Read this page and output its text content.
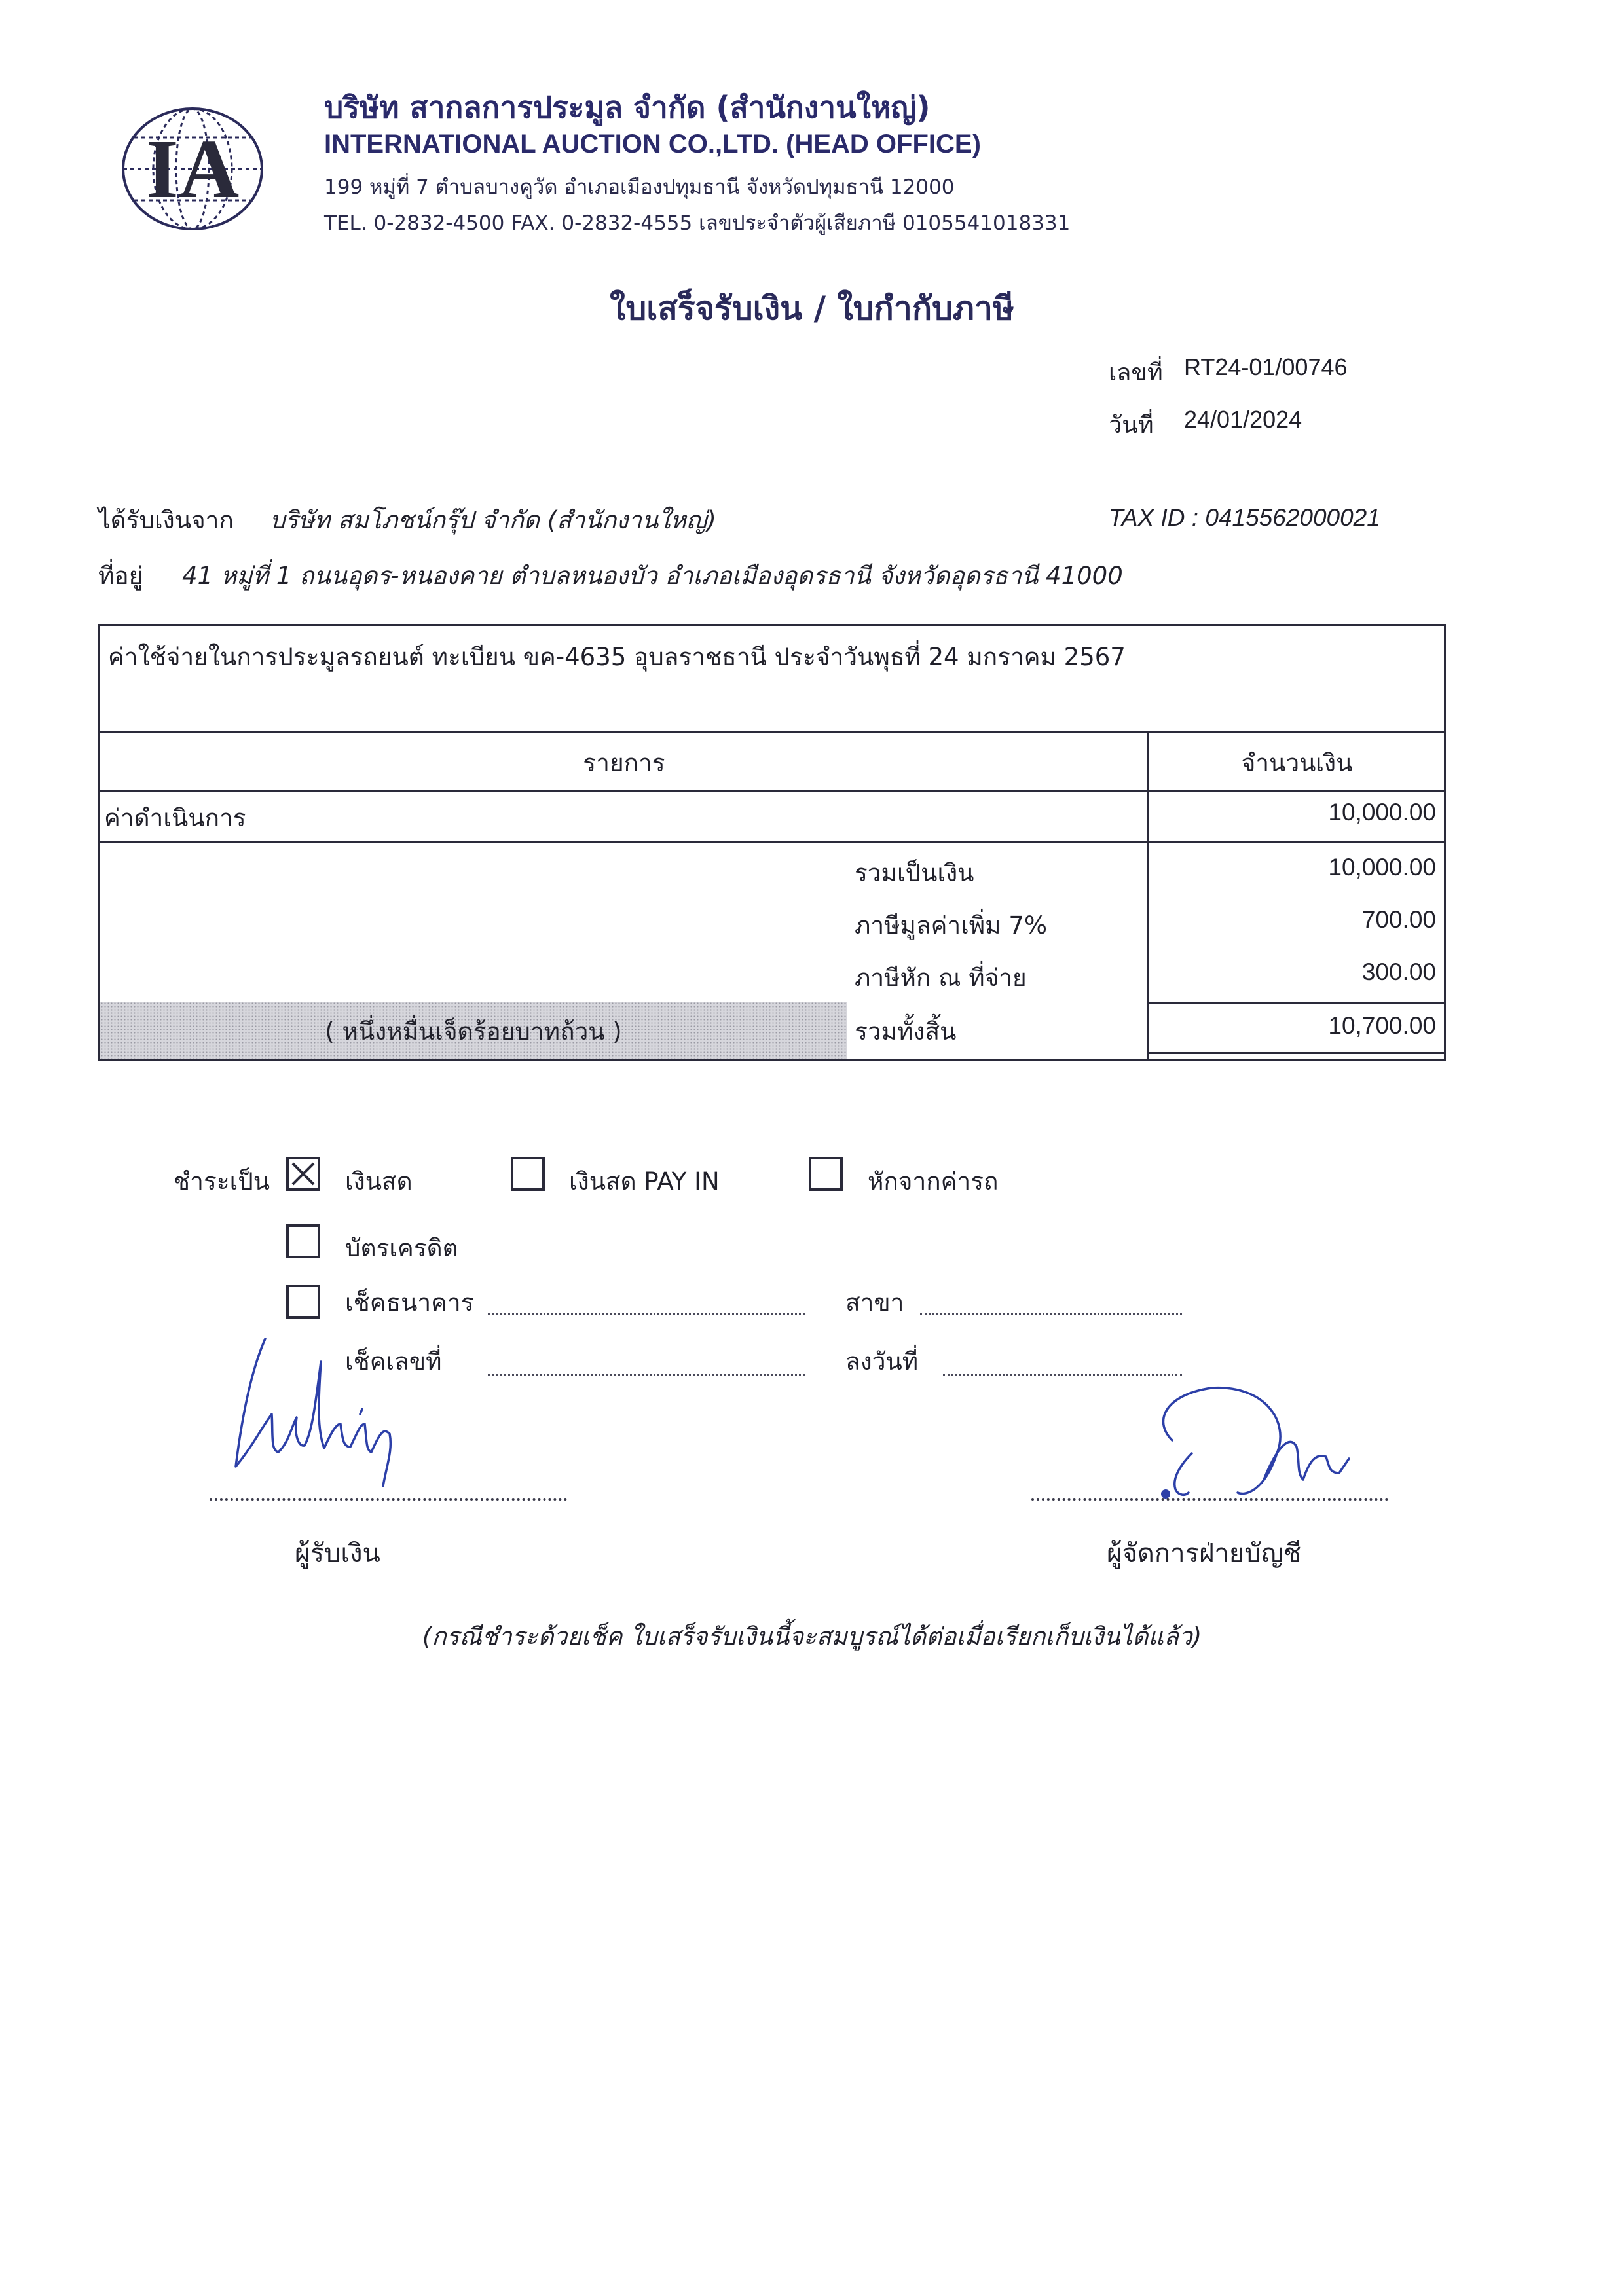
IA
บริษัท สากลการประมูล จำกัด (สำนักงานใหญ่)
INTERNATIONAL AUCTION CO.,LTD. (HEAD OFFICE)
199 หมู่ที่ 7 ตำบลบางคูวัด อำเภอเมืองปทุมธานี จังหวัดปทุมธานี 12000
TEL. 0-2832-4500 FAX. 0-2832-4555 เลขประจำตัวผู้เสียภาษี 0105541018331
ใบเสร็จรับเงิน / ใบกำกับภาษี
เลขที่ RT24-01/00746
วันที่ 24/01/2024
ได้รับเงินจาก บริษัท สมโภชน์กรุ๊ป จำกัด (สำนักงานใหญ่)	TAX ID : 0415562000021
ที่อยู่ 41 หมู่ที่ 1 ถนนอุดร-หนองคาย ตำบลหนองบัว อำเภอเมืองอุดรธานี จังหวัดอุดรธานี 41000
ค่าใช้จ่ายในการประมูลรถยนต์ ทะเบียน ขค-4635 อุบลราชธานี ประจำวันพุธที่ 24 มกราคม 2567
รายการ	จำนวนเงิน
ค่าดำเนินการ	10,000.00
รวมเป็นเงิน	10,000.00
ภาษีมูลค่าเพิ่ม 7%	700.00
ภาษีหัก ณ ที่จ่าย	300.00
( หนึ่งหมื่นเจ็ดร้อยบาทถ้วน )	รวมทั้งสิ้น	10,700.00
ชำระเป็น	เงินสด	เงินสด PAY IN	หักจากค่ารถ
บัตรเครดิต
เช็คธนาคาร	สาขา
เช็คเลขที่	ลงวันที่
ผู้รับเงิน	ผู้จัดการฝ่ายบัญชี
(กรณีชำระด้วยเช็ค ใบเสร็จรับเงินนี้จะสมบูรณ์ได้ต่อเมื่อเรียกเก็บเงินได้แล้ว)
